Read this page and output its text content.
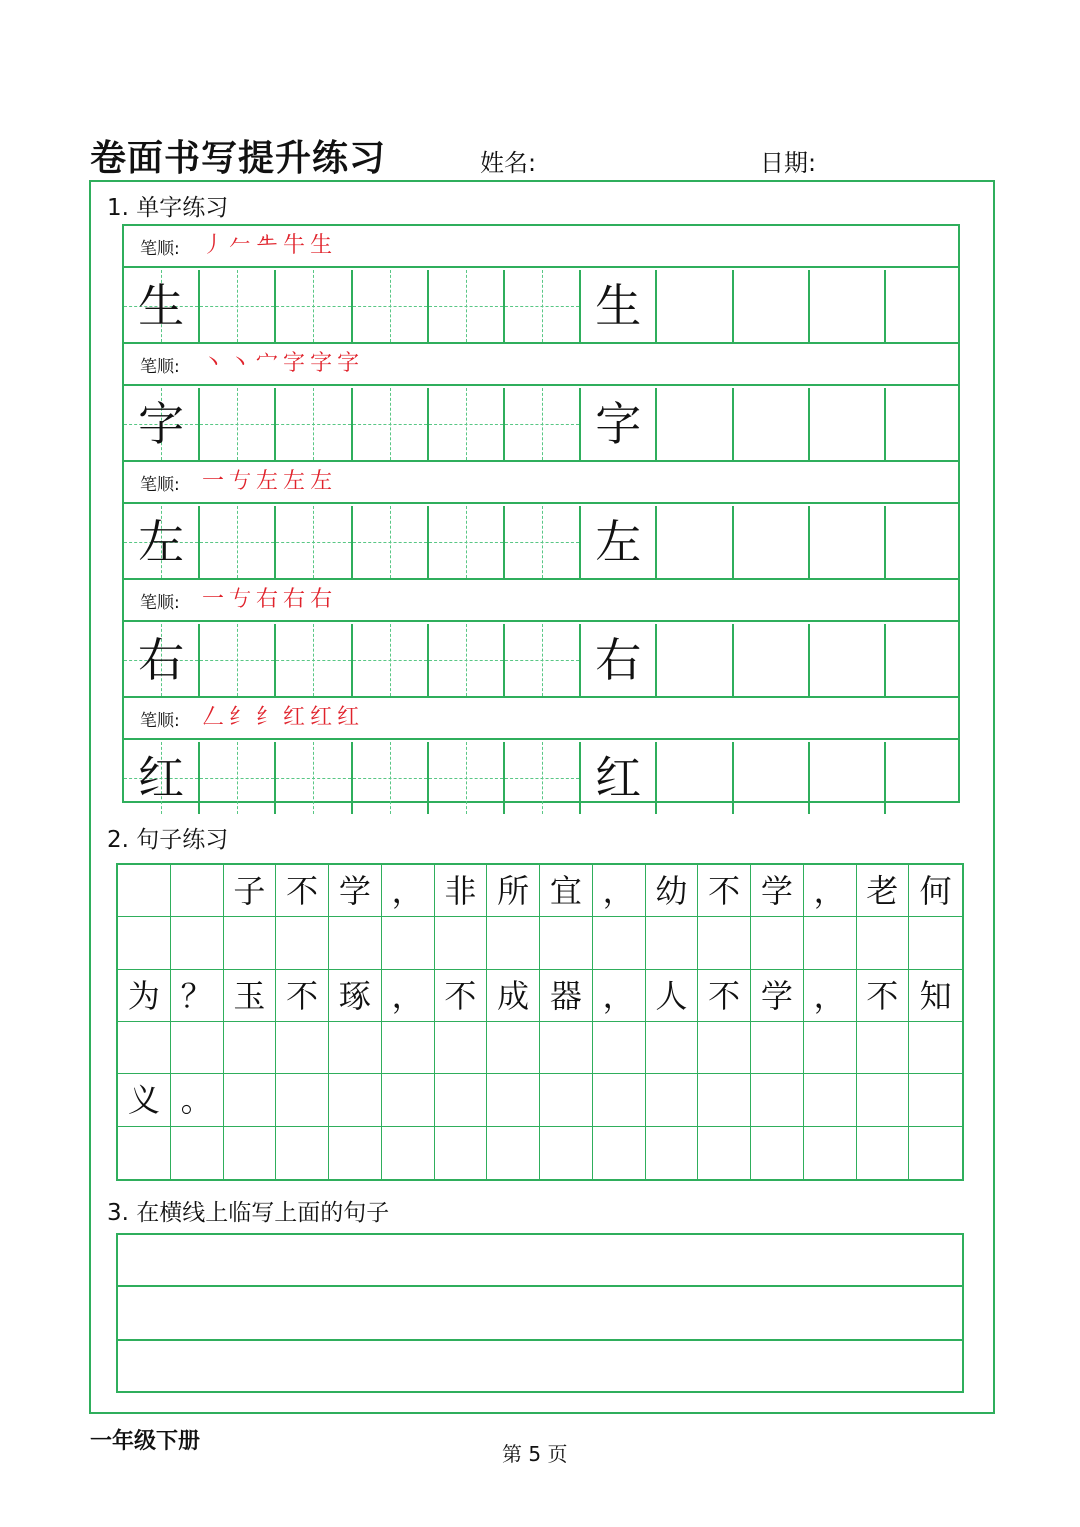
卷面书写提升练习	姓名:	日期:
1. 单字练习
笔顺: 丿𠂉𠂒牛生
生	生
笔顺: 丶丶宀字字字
字	字
笔顺: 一𠀁左左左
左	左
笔顺: 一𠀁右右右
右	右
笔顺: 𠃋纟纟红红红
红	红
2. 句子练习
子 不 学 ， 非 所 宜 ， 幼 不 学 ， 老 何
为 ？ 玉 不 琢 ， 不 成 器 ， 人 不 学 ， 不 知
义 。
3. 在横线上临写上面的句子
一年级下册	第 5 页
